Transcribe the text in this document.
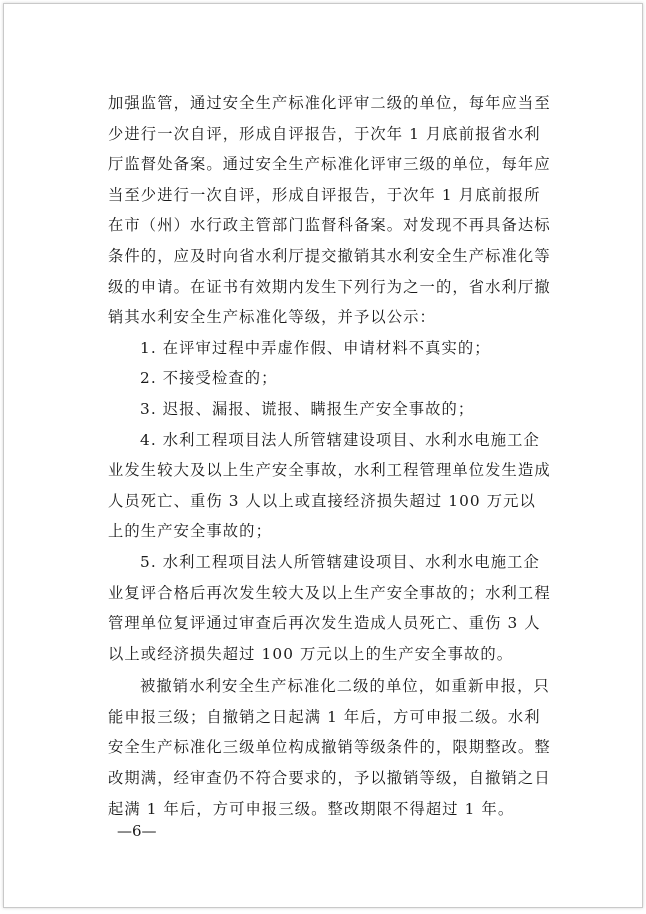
加强监管，通过安全生产标准化评审二级的单位，每年应当至少进行一次自评，形成自评报告，于次年 1 月底前报省水利厅监督处备案。通过安全生产标准化评审三级的单位，每年应当至少进行一次自评，形成自评报告，于次年 1 月底前报所在市（州）水行政主管部门监督科备案。对发现不再具备达标条件的，应及时向省水利厅提交撤销其水利安全生产标准化等级的申请。在证书有效期内发生下列行为之一的，省水利厅撤销其水利安全生产标准化等级，并予以公示：

1. 在评审过程中弄虚作假、申请材料不真实的；

2. 不接受检查的；

3. 迟报、漏报、谎报、瞒报生产安全事故的；

4. 水利工程项目法人所管辖建设项目、水利水电施工企业发生较大及以上生产安全事故，水利工程管理单位发生造成人员死亡、重伤 3 人以上或直接经济损失超过 100 万元以上的生产安全事故的；

5. 水利工程项目法人所管辖建设项目、水利水电施工企业复评合格后再次发生较大及以上生产安全事故的；水利工程管理单位复评通过审查后再次发生造成人员死亡、重伤 3 人以上或经济损失超过 100 万元以上的生产安全事故的。

被撤销水利安全生产标准化二级的单位，如重新申报，只能申报三级；自撤销之日起满 1 年后，方可申报二级。水利安全生产标准化三级单位构成撤销等级条件的，限期整改。整改期满，经审查仍不符合要求的，予以撤销等级，自撤销之日起满 1 年后，方可申报三级。整改期限不得超过 1 年。

—6—
